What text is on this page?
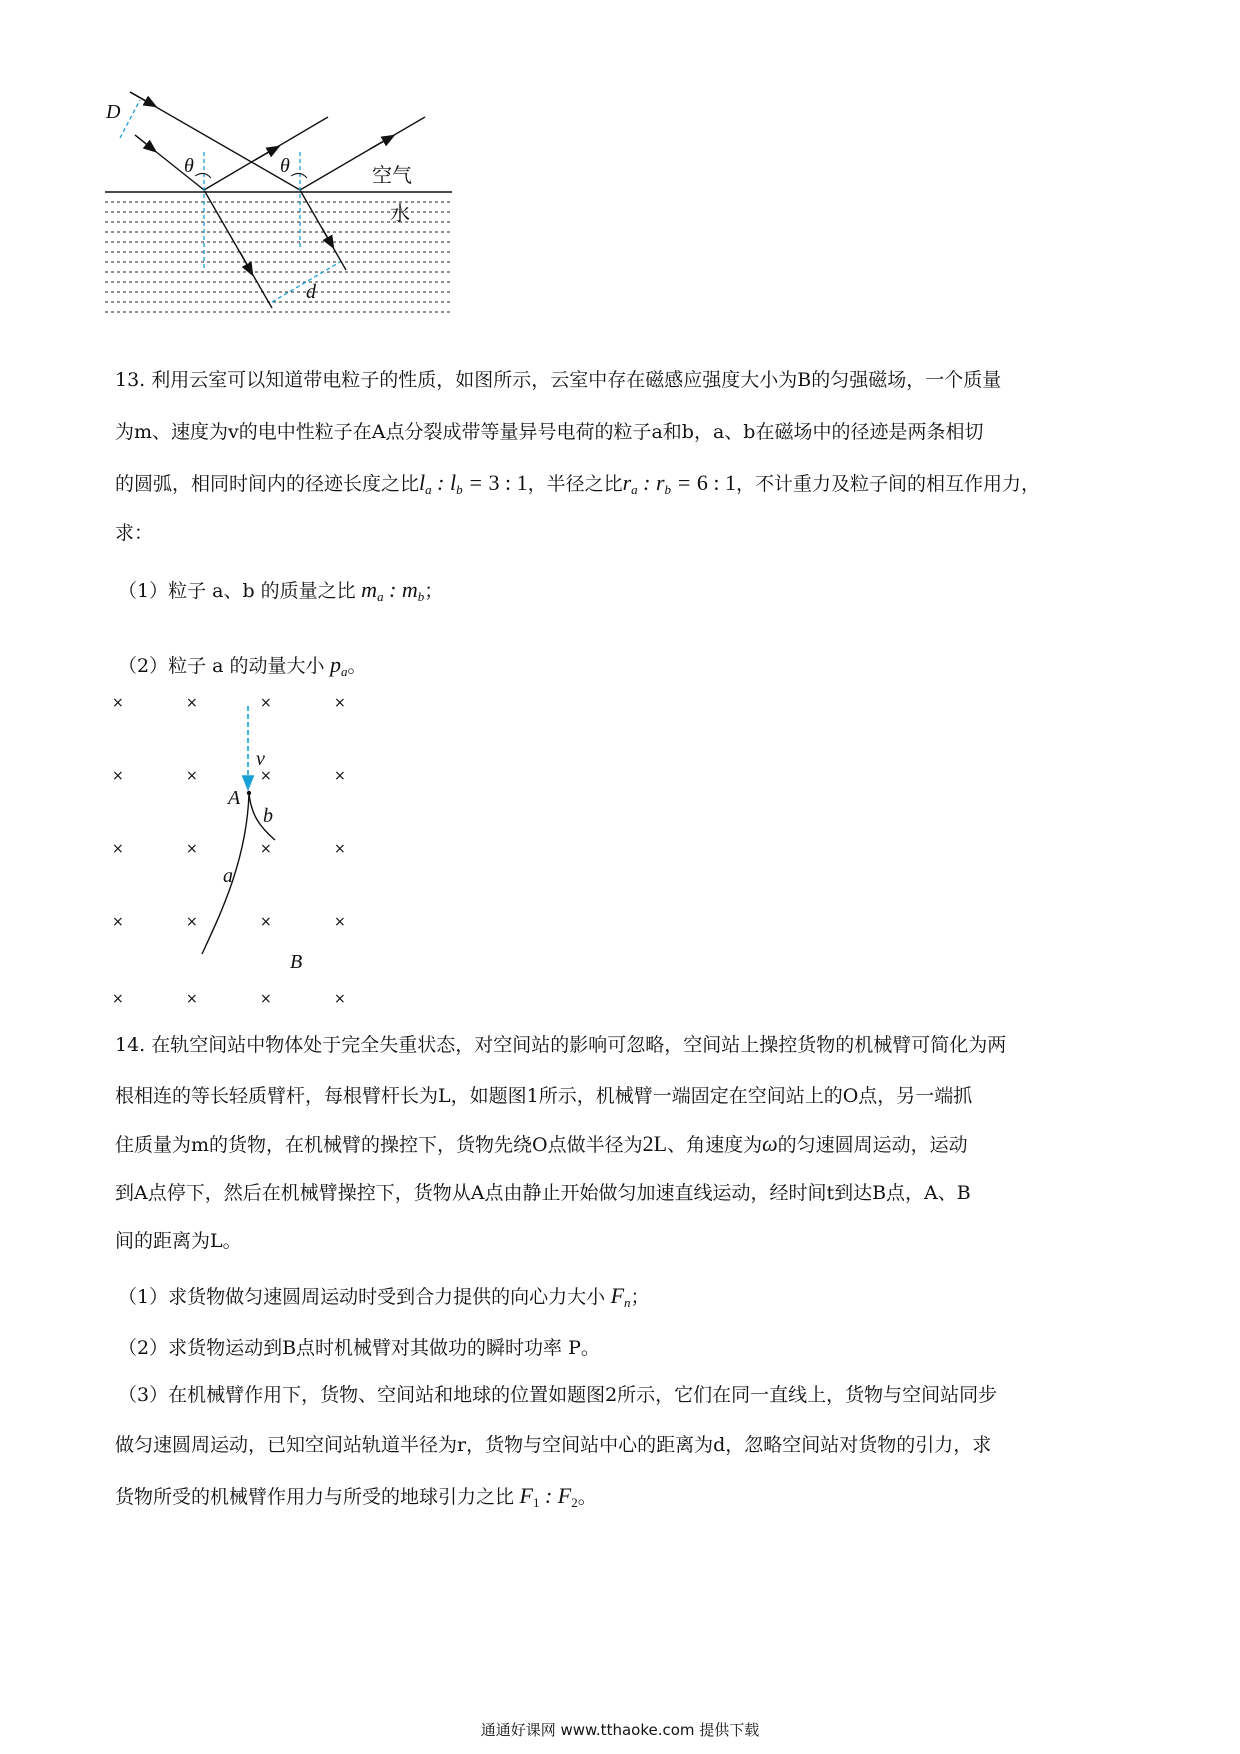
D
θ	θ	空气
水
d
13. 利用云室可以知道带电粒子的性质，如图所示，云室中存在磁感应强度大小为B的匀强磁场，一个质量
为m、速度为v的电中性粒子在A点分裂成带等量异号电荷的粒子a和b，a、b在磁场中的径迹是两条相切
的圆弧，相同时间内的径迹长度之比$l_a$ : $l_b = 3$ : 1，半径之比$r_a$ : $r_b = 6$ : 1，不计重力及粒子间的相互作用力，
求：
（1）粒子 a、b 的质量之比 $m_a$ : $m_b$；
（2）粒子 a 的动量大小 $p_a$。
×	×	×	×
×	×	×	×
×	×	×	×
×	×	×	×
×	×	×	×
v
A
b
a
B
14. 在轨空间站中物体处于完全失重状态，对空间站的影响可忽略，空间站上操控货物的机械臂可简化为两
根相连的等长轻质臂杆，每根臂杆长为L，如题图1所示，机械臂一端固定在空间站上的O点，另一端抓
住质量为m的货物，在机械臂的操控下，货物先绕O点做半径为2L、角速度为ω的匀速圆周运动，运动
到A点停下，然后在机械臂操控下，货物从A点由静止开始做匀加速直线运动，经时间t到达B点，A、B
间的距离为L。
（1）求货物做匀速圆周运动时受到合力提供的向心力大小 $F_n$；
（2）求货物运动到B点时机械臂对其做功的瞬时功率 P。
（3）在机械臂作用下，货物、空间站和地球的位置如题图2所示，它们在同一直线上，货物与空间站同步
做匀速圆周运动，已知空间站轨道半径为r，货物与空间站中心的距离为d，忽略空间站对货物的引力，求
货物所受的机械臂作用力与所受的地球引力之比 $F_1$ : $F_2$。
通通好课网 www.tthaoke.com 提供下载
